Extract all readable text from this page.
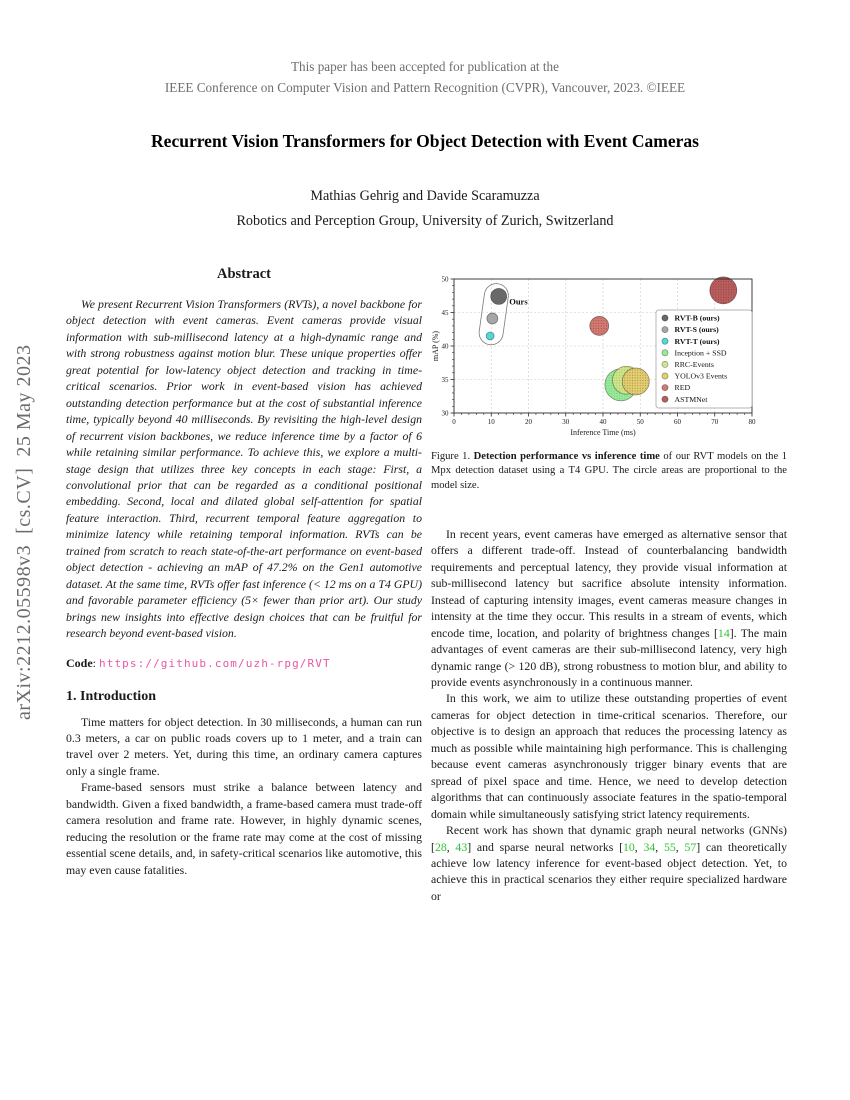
arXiv:2212.05598v3  [cs.CV]  25 May 2023
This paper has been accepted for publication at the
IEEE Conference on Computer Vision and Pattern Recognition (CVPR), Vancouver, 2023. ©IEEE
Recurrent Vision Transformers for Object Detection with Event Cameras
Mathias Gehrig and Davide Scaramuzza
Robotics and Perception Group, University of Zurich, Switzerland
Abstract
We present Recurrent Vision Transformers (RVTs), a novel backbone for object detection with event cameras. Event cameras provide visual information with sub-millisecond latency at a high-dynamic range and with strong robustness against motion blur. These unique properties offer great potential for low-latency object detection and tracking in time-critical scenarios. Prior work in event-based vision has achieved outstanding detection performance but at the cost of substantial inference time, typically beyond 40 milliseconds. By revisiting the high-level design of recurrent vision backbones, we reduce inference time by a factor of 6 while retaining similar performance. To achieve this, we explore a multi-stage design that utilizes three key concepts in each stage: First, a convolutional prior that can be regarded as a conditional positional embedding. Second, local and dilated global self-attention for spatial feature interaction. Third, recurrent temporal feature aggregation to minimize latency while retaining temporal information. RVTs can be trained from scratch to reach state-of-the-art performance on event-based object detection - achieving an mAP of 47.2% on the Gen1 automotive dataset. At the same time, RVTs offer fast inference (< 12 ms on a T4 GPU) and favorable parameter efficiency (5× fewer than prior art). Our study brings new insights into effective design choices that can be fruitful for research beyond event-based vision.
Code: https://github.com/uzh-rpg/RVT
1. Introduction
Time matters for object detection. In 30 milliseconds, a human can run 0.3 meters, a car on public roads covers up to 1 meter, and a train can travel over 2 meters. Yet, during this time, an ordinary camera captures only a single frame.
Frame-based sensors must strike a balance between latency and bandwidth. Given a fixed bandwidth, a frame-based camera must trade-off camera resolution and frame rate. However, in highly dynamic scenes, reducing the resolution or the frame rate may come at the cost of missing essential scene details, and, in safety-critical scenarios like automotive, this may even cause fatalities.
Ours
0	10	20	30	40	50	60	70	80
30
35
40
45
50
Inference Time (ms)
mAP (%)
RVT-B (ours)
RVT-S (ours)
RVT-T (ours)
Inception + SSD
RRC-Events
YOLOv3 Events
RED
ASTMNet
Figure 1. Detection performance vs inference time of our RVT models on the 1 Mpx detection dataset using a T4 GPU. The circle areas are proportional to the model size.
In recent years, event cameras have emerged as alternative sensor that offers a different trade-off. Instead of counterbalancing bandwidth requirements and perceptual latency, they provide visual information at sub-millisecond latency but sacrifice absolute intensity information. Instead of capturing intensity images, event cameras measure changes in intensity at the time they occur. This results in a stream of events, which encode time, location, and polarity of brightness changes [14]. The main advantages of event cameras are their sub-millisecond latency, very high dynamic range (> 120 dB), strong robustness to motion blur, and ability to provide events asynchronously in a continuous manner.
In this work, we aim to utilize these outstanding properties of event cameras for object detection in time-critical scenarios. Therefore, our objective is to design an approach that reduces the processing latency as much as possible while maintaining high performance. This is challenging because event cameras asynchronously trigger binary events that are spread of pixel space and time. Hence, we need to develop detection algorithms that can continuously associate features in the spatio-temporal domain while simultaneously satisfying strict latency requirements.
Recent work has shown that dynamic graph neural networks (GNNs) [28, 43] and sparse neural networks [10, 34, 55, 57] can theoretically achieve low latency inference for event-based object detection. Yet, to achieve this in practical scenarios they either require specialized hardware or
